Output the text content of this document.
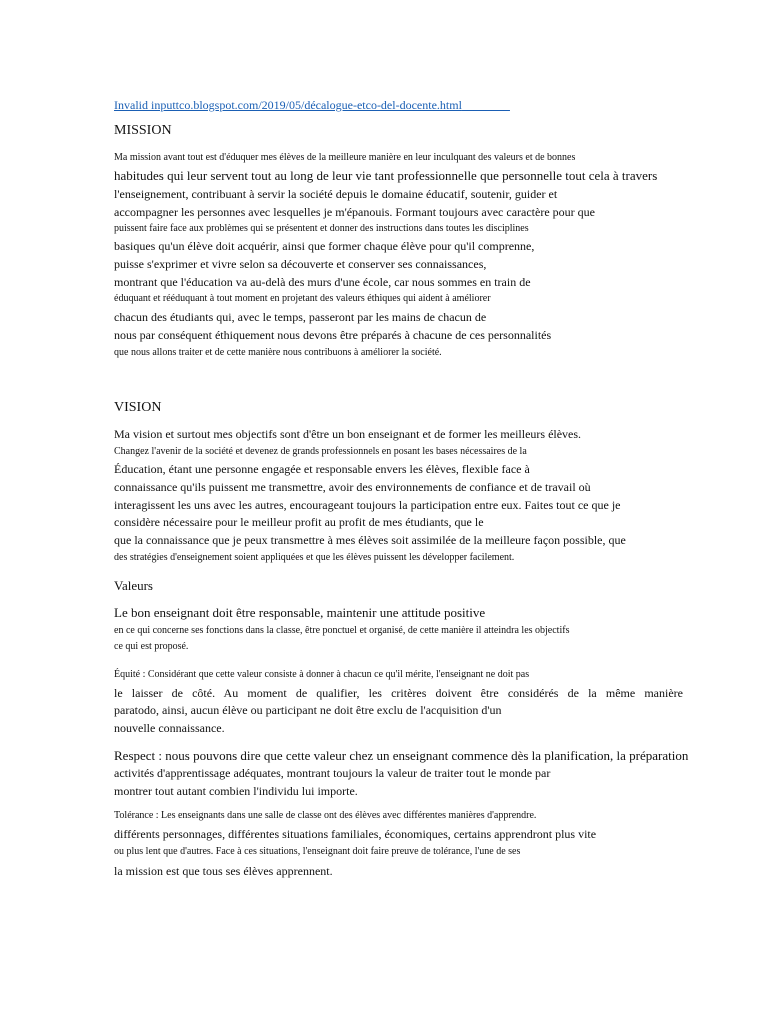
Invalid inputtco.blogspot.com/2019/05/décalogue-etco-del-docente.html________
MISSION
Ma mission avant tout est d'éduquer mes élèves de la meilleure manière en leur inculquant des valeurs et de bonnes
habitudes qui leur servent tout au long de leur vie tant professionnelle que personnelle tout cela à travers
l'enseignement, contribuant à servir la société depuis le domaine éducatif, soutenir, guider et
accompagner les personnes avec lesquelles je m'épanouis. Formant toujours avec caractère pour que
puissent faire face aux problèmes qui se présentent et donner des instructions dans toutes les disciplines
basiques qu'un élève doit acquérir, ainsi que former chaque élève pour qu'il comprenne,
puisse s'exprimer et vivre selon sa découverte et conserver ses connaissances,
montrant que l'éducation va au-delà des murs d'une école, car nous sommes en train de
éduquant et rééduquant à tout moment en projetant des valeurs éthiques qui aident à améliorer
chacun des étudiants qui, avec le temps, passeront par les mains de chacun de
nous par conséquent éthiquement nous devons être préparés à chacune de ces personnalités
que nous allons traiter et de cette manière nous contribuons à améliorer la société.
VISION
Ma vision et surtout mes objectifs sont d'être un bon enseignant et de former les meilleurs élèves.
Changez l'avenir de la société et devenez de grands professionnels en posant les bases nécessaires de la
Éducation, étant une personne engagée et responsable envers les élèves, flexible face à
connaissance qu'ils puissent me transmettre, avoir des environnements de confiance et de travail où
interagissent les uns avec les autres, encourageant toujours la participation entre eux. Faites tout ce que je
considère nécessaire pour le meilleur profit au profit de mes étudiants, que le
que la connaissance que je peux transmettre à mes élèves soit assimilée de la meilleure façon possible, que
des stratégies d'enseignement soient appliquées et que les élèves puissent les développer facilement.
Valeurs
Le bon enseignant doit être responsable, maintenir une attitude positive
en ce qui concerne ses fonctions dans la classe, être ponctuel et organisé, de cette manière il atteindra les objectifs
ce qui est proposé.
Équité : Considérant que cette valeur consiste à donner à chacun ce qu'il mérite, l'enseignant ne doit pas
le laisser de côté. Au moment de qualifier, les critères doivent être considérés de la même manière
paratodo, ainsi, aucun élève ou participant ne doit être exclu de l'acquisition d'un
nouvelle connaissance.
Respect : nous pouvons dire que cette valeur chez un enseignant commence dès la planification, la préparation
activités d'apprentissage adéquates, montrant toujours la valeur de traiter tout le monde par
montrer tout autant combien l'individu lui importe.
Tolérance : Les enseignants dans une salle de classe ont des élèves avec différentes manières d'apprendre.
différents personnages, différentes situations familiales, économiques, certains apprendront plus vite
ou plus lent que d'autres. Face à ces situations, l'enseignant doit faire preuve de tolérance, l'une de ses
la mission est que tous ses élèves apprennent.
